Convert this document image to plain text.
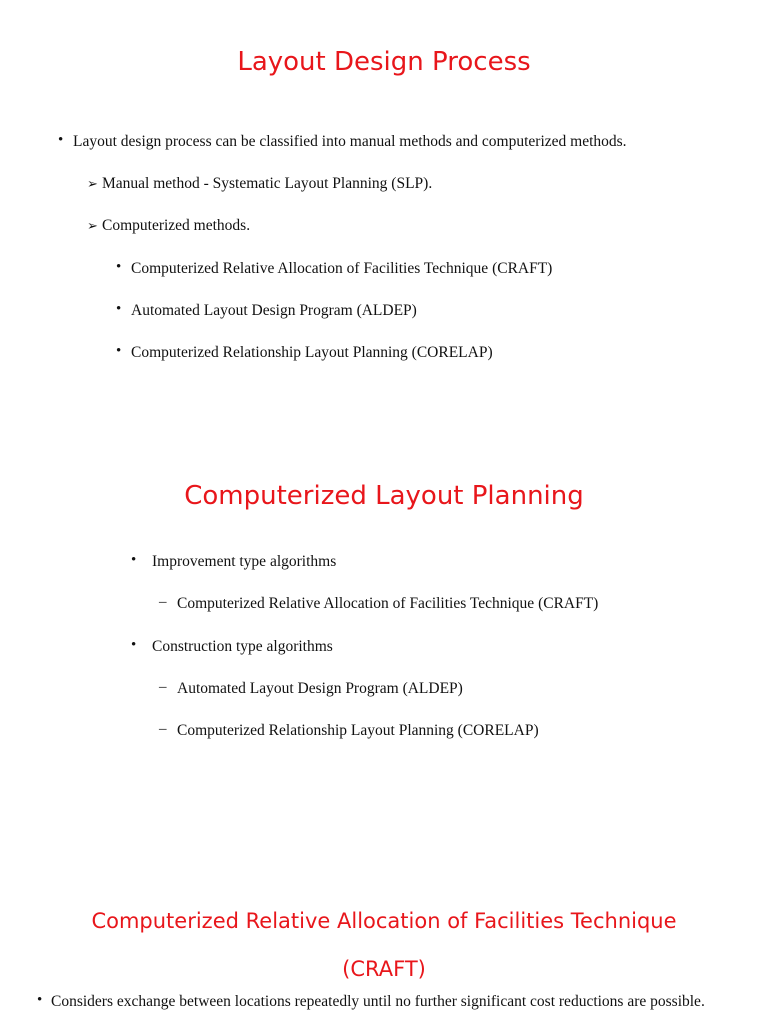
Layout Design Process
• Layout design process can be classified into manual methods and computerized methods.
➢ Manual method - Systematic Layout Planning (SLP).
➢ Computerized methods.
• Computerized Relative Allocation of Facilities Technique (CRAFT)
• Automated Layout Design Program (ALDEP)
• Computerized Relationship Layout Planning (CORELAP)
Computerized Layout Planning
• Improvement type algorithms
– Computerized Relative Allocation of Facilities Technique (CRAFT)
• Construction type algorithms
– Automated Layout Design Program (ALDEP)
– Computerized Relationship Layout Planning (CORELAP)
Computerized Relative Allocation of Facilities Technique
(CRAFT)
• Considers exchange between locations repeatedly until no further significant cost reductions are possible.
